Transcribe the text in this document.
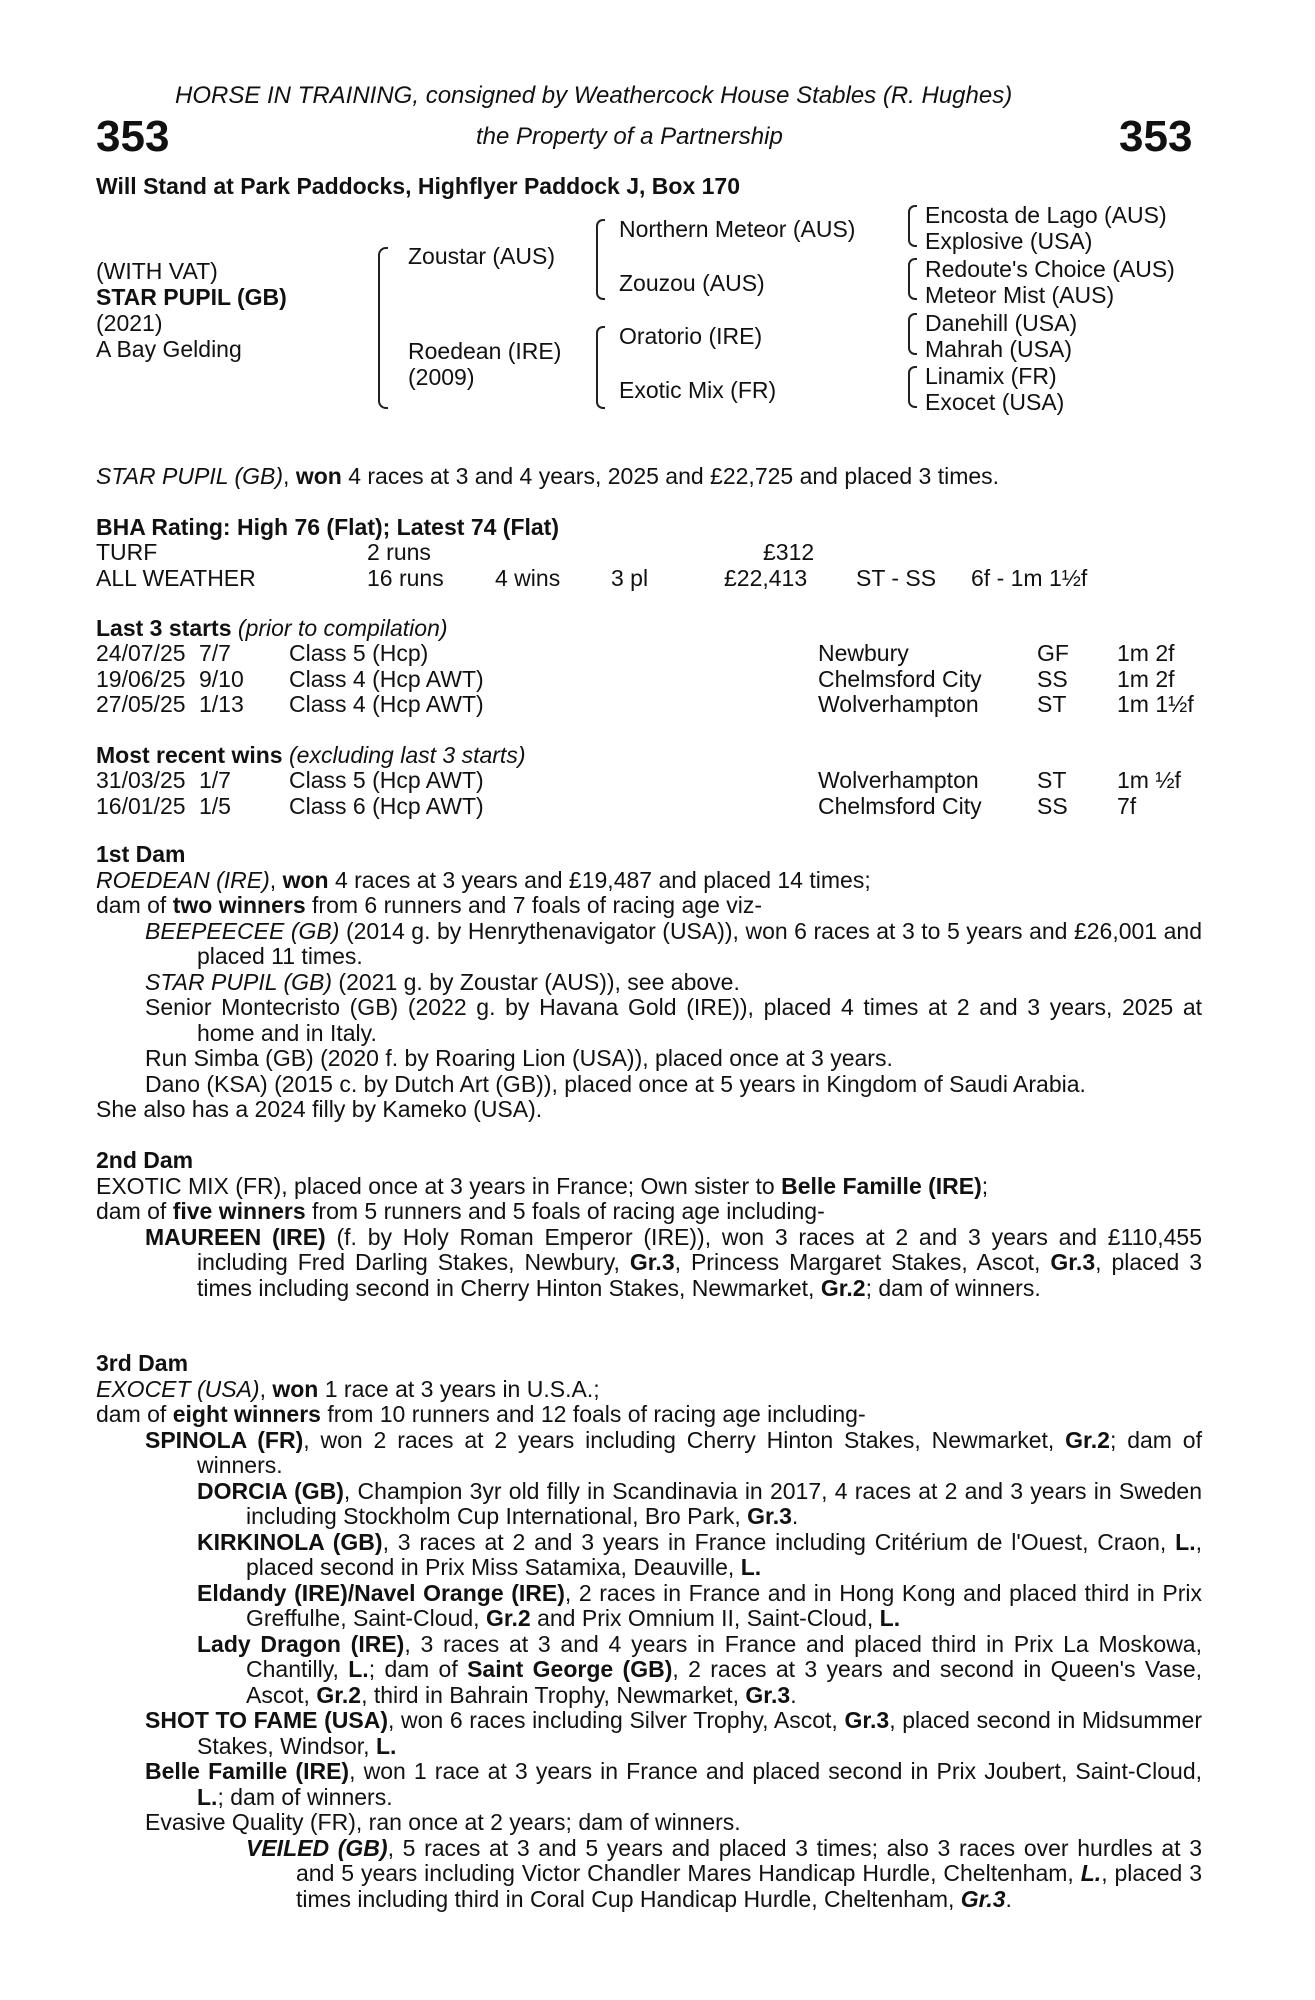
HORSE IN TRAINING, consigned by Weathercock House Stables (R. Hughes)
353	the Property of a Partnership	353
Will Stand at Park Paddocks, Highflyer Paddock J, Box 170
(WITH VAT)
STAR PUPIL (GB)
(2021)
A Bay Gelding
Zoustar (AUS)
Roedean (IRE)
(2009)
Northern Meteor (AUS)
Zouzou (AUS)
Oratorio (IRE)
Exotic Mix (FR)
Encosta de Lago (AUS)
Explosive (USA)
Redoute's Choice (AUS)
Meteor Mist (AUS)
Danehill (USA)
Mahrah (USA)
Linamix (FR)
Exocet (USA)
STAR PUPIL (GB), won 4 races at 3 and 4 years, 2025 and £22,725 and placed 3 times.
BHA Rating: High 76 (Flat); Latest 74 (Flat)
TURF	2 runs	£312
ALL WEATHER	16 runs 4 wins 3 pl	£22,413 ST - SS 6f - 1m 1½f
Last 3 starts (prior to compilation)
24/07/25 7/7	Class 5 (Hcp)	Newbury	GF 1m 2f
19/06/25 9/10 Class 4 (Hcp AWT)	Chelmsford City SS 1m 2f
27/05/25 1/13 Class 4 (Hcp AWT)	Wolverhampton	ST 1m 1½f
Most recent wins (excluding last 3 starts)
31/03/25 1/7	Class 5 (Hcp AWT)	Wolverhampton	ST 1m ½f
16/01/25 1/5	Class 6 (Hcp AWT)	Chelmsford City SS 7f

1st Dam

ROEDEAN (IRE), won 4 races at 3 years and £19,487 and placed 14 times;

dam of two winners from 6 runners and 7 foals of racing age viz-

BEEPEECEE (GB) (2014 g. by Henrythenavigator (USA)), won 6 races at 3 to 5 years and £26,001 and placed 11 times.

STAR PUPIL (GB) (2021 g. by Zoustar (AUS)), see above.

Senior Montecristo (GB) (2022 g. by Havana Gold (IRE)), placed 4 times at 2 and 3 years, 2025 at home and in Italy.

Run Simba (GB) (2020 f. by Roaring Lion (USA)), placed once at 3 years.

Dano (KSA) (2015 c. by Dutch Art (GB)), placed once at 5 years in Kingdom of Saudi Arabia.

She also has a 2024 filly by Kameko (USA).

2nd Dam

EXOTIC MIX (FR), placed once at 3 years in France; Own sister to Belle Famille (IRE);

dam of five winners from 5 runners and 5 foals of racing age including-

MAUREEN (IRE) (f. by Holy Roman Emperor (IRE)), won 3 races at 2 and 3 years and £110,455 including Fred Darling Stakes, Newbury, Gr.3, Princess Margaret Stakes, Ascot, Gr.3, placed 3 times including second in Cherry Hinton Stakes, Newmarket, Gr.2; dam of winners.

3rd Dam

EXOCET (USA), won 1 race at 3 years in U.S.A.;

dam of eight winners from 10 runners and 12 foals of racing age including-

SPINOLA (FR), won 2 races at 2 years including Cherry Hinton Stakes, Newmarket, Gr.2; dam of winners.

DORCIA (GB), Champion 3yr old filly in Scandinavia in 2017, 4 races at 2 and 3 years in Sweden including Stockholm Cup International, Bro Park, Gr.3.

KIRKINOLA (GB), 3 races at 2 and 3 years in France including Critérium de l'Ouest, Craon, L., placed second in Prix Miss Satamixa, Deauville, L.

Eldandy (IRE)/Navel Orange (IRE), 2 races in France and in Hong Kong and placed third in Prix Greffulhe, Saint-Cloud, Gr.2 and Prix Omnium II, Saint-Cloud, L.

Lady Dragon (IRE), 3 races at 3 and 4 years in France and placed third in Prix La Moskowa, Chantilly, L.; dam of Saint George (GB), 2 races at 3 years and second in Queen's Vase, Ascot, Gr.2, third in Bahrain Trophy, Newmarket, Gr.3.

SHOT TO FAME (USA), won 6 races including Silver Trophy, Ascot, Gr.3, placed second in Midsummer Stakes, Windsor, L.

Belle Famille (IRE), won 1 race at 3 years in France and placed second in Prix Joubert, Saint-Cloud, L.; dam of winners.

Evasive Quality (FR), ran once at 2 years; dam of winners.

VEILED (GB), 5 races at 3 and 5 years and placed 3 times; also 3 races over hurdles at 3 and 5 years including Victor Chandler Mares Handicap Hurdle, Cheltenham, L., placed 3 times including third in Coral Cup Handicap Hurdle, Cheltenham, Gr.3.
